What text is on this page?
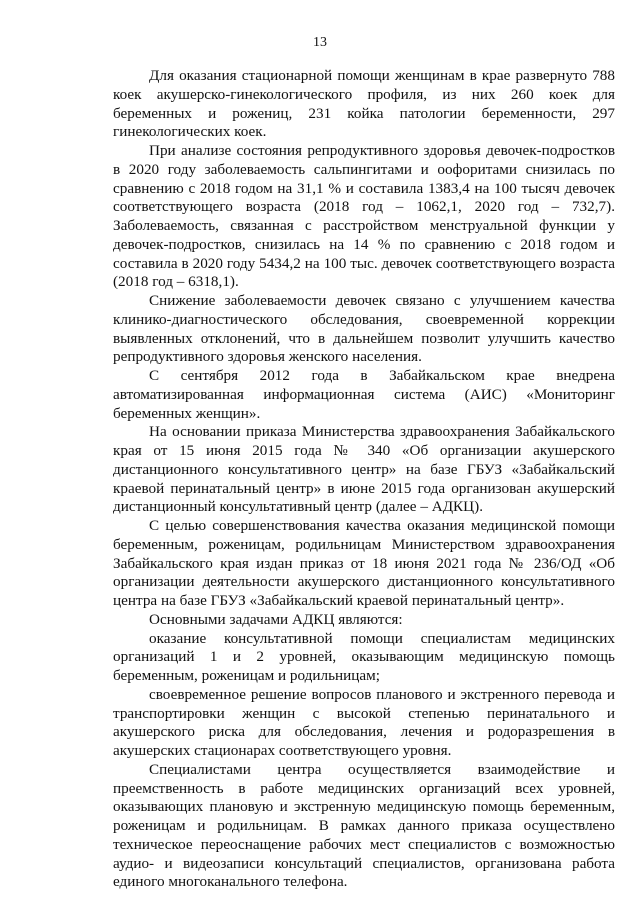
13

Для оказания стационарной помощи женщинам в крае развернуто 788 коек акушерско-гинекологического профиля, из них 260 коек для беременных и рожениц, 231 койка патологии беременности, 297 гинекологических коек.

При анализе состояния репродуктивного здоровья девочек-подростков в 2020 году заболеваемость сальпингитами и оофоритами снизилась по сравнению с 2018 годом на 31,1 % и составила 1383,4 на 100 тысяч девочек соответствующего возраста (2018 год – 1062,1, 2020 год – 732,7). Заболеваемость, связанная с расстройством менструальной функции у девочек-подростков, снизилась на 14 % по сравнению с 2018 годом и составила в 2020 году 5434,2 на 100 тыс. девочек соответствующего возраста (2018 год – 6318,1).

Снижение заболеваемости девочек связано с улучшением качества клинико-диагностического обследования, своевременной коррекции выявленных отклонений, что в дальнейшем позволит улучшить качество репродуктивного здоровья женского населения.

С сентября 2012 года в Забайкальском крае внедрена автоматизированная информационная система (АИС) «Мониторинг беременных женщин».

На основании приказа Министерства здравоохранения Забайкальского края от 15 июня 2015 года № 340 «Об организации акушерского дистанционного консультативного центр» на базе ГБУЗ «Забайкальский краевой перинатальный центр» в июне 2015 года организован акушерский дистанционный консультативный центр (далее – АДКЦ).

С целью совершенствования качества оказания медицинской помощи беременным, роженицам, родильницам Министерством здравоохранения Забайкальского края издан приказ от 18 июня 2021 года № 236/ОД «Об организации деятельности акушерского дистанционного консультативного центра на базе ГБУЗ «Забайкальский краевой перинатальный центр».

Основными задачами АДКЦ являются:

оказание консультативной помощи специалистам медицинских организаций 1 и 2 уровней, оказывающим медицинскую помощь беременным, роженицам и родильницам;

своевременное решение вопросов планового и экстренного перевода и транспортировки женщин с высокой степенью перинатального и акушерского риска для обследования, лечения и родоразрешения в акушерских стационарах соответствующего уровня.

Специалистами центра осуществляется взаимодействие и преемственность в работе медицинских организаций всех уровней, оказывающих плановую и экстренную медицинскую помощь беременным, роженицам и родильницам. В рамках данного приказа осуществлено техническое переоснащение рабочих мест специалистов с возможностью аудио- и видеозаписи консультаций специалистов, организована работа единого многоканального телефона.
